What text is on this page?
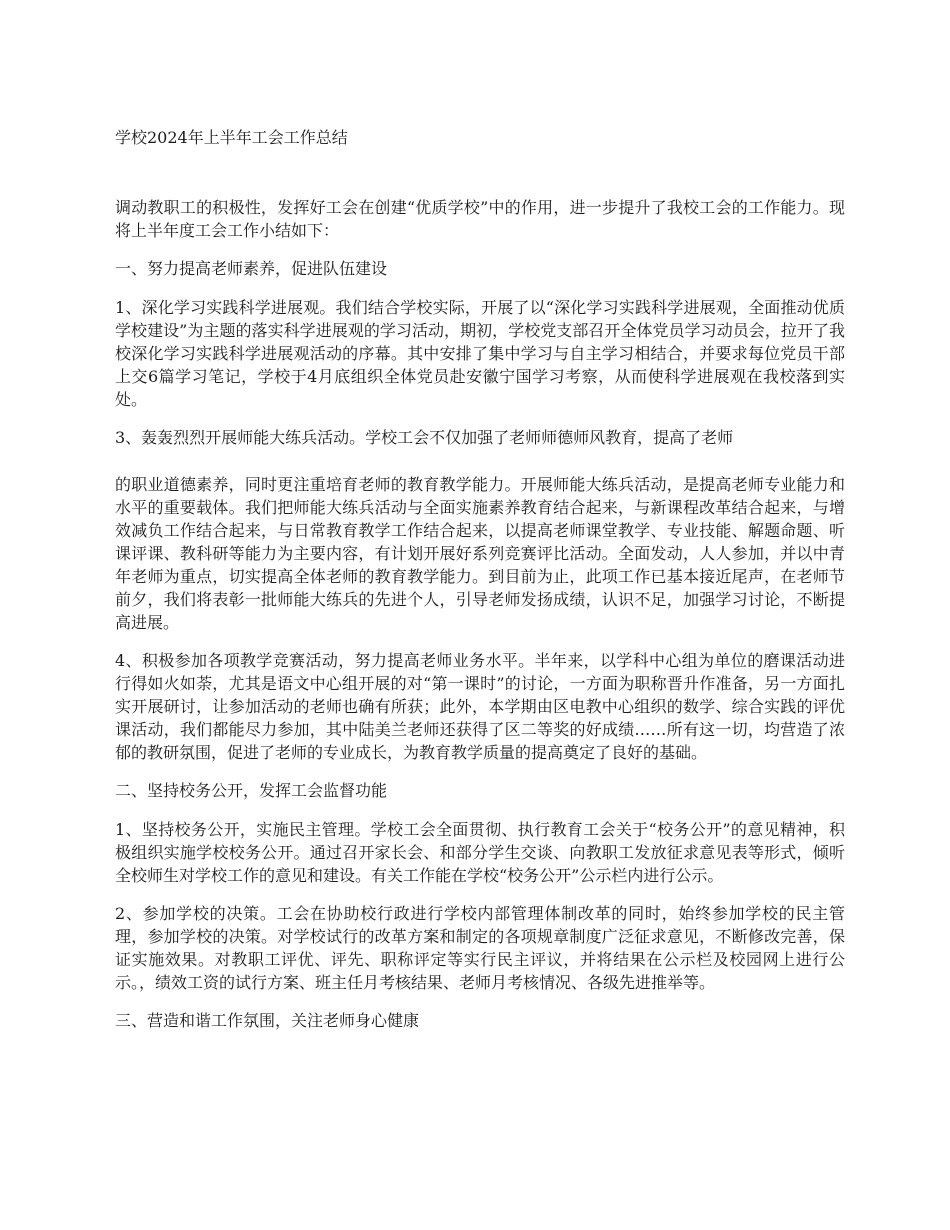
学校2024年上半年工会工作总结

调动教职工的积极性，发挥好工会在创建“优质学校”中的作用，进一步提升了我校工会的工作能力。现将上半年度工会工作小结如下：

一、努力提高老师素养，促进队伍建设

1、深化学习实践科学进展观。我们结合学校实际，开展了以“深化学习实践科学进展观，全面推动优质学校建设”为主题的落实科学进展观的学习活动，期初，学校党支部召开全体党员学习动员会，拉开了我校深化学习实践科学进展观活动的序幕。其中安排了集中学习与自主学习相结合，并要求每位党员干部上交6篇学习笔记，学校于4月底组织全体党员赴安徽宁国学习考察，从而使科学进展观在我校落到实处。

3、轰轰烈烈开展师能大练兵活动。学校工会不仅加强了老师师德师风教育，提高了老师

的职业道德素养，同时更注重培育老师的教育教学能力。开展师能大练兵活动，是提高老师专业能力和水平的重要载体。我们把师能大练兵活动与全面实施素养教育结合起来，与新课程改革结合起来，与增效减负工作结合起来，与日常教育教学工作结合起来，以提高老师课堂教学、专业技能、解题命题、听课评课、教科研等能力为主要内容，有计划开展好系列竞赛评比活动。全面发动，人人参加，并以中青年老师为重点，切实提高全体老师的教育教学能力。到目前为止，此项工作已基本接近尾声，在老师节前夕，我们将表彰一批师能大练兵的先进个人，引导老师发扬成绩，认识不足，加强学习讨论，不断提高进展。

4、积极参加各项教学竞赛活动，努力提高老师业务水平。半年来，以学科中心组为单位的磨课活动进行得如火如荼，尤其是语文中心组开展的对“第一课时”的讨论，一方面为职称晋升作准备，另一方面扎实开展研讨，让参加活动的老师也确有所获；此外，本学期由区电教中心组织的数学、综合实践的评优课活动，我们都能尽力参加，其中陆美兰老师还获得了区二等奖的好成绩……所有这一切，均营造了浓郁的教研氛围，促进了老师的专业成长，为教育教学质量的提高奠定了良好的基础。

二、坚持校务公开，发挥工会监督功能

1、坚持校务公开，实施民主管理。学校工会全面贯彻、执行教育工会关于“校务公开”的意见精神，积极组织实施学校校务公开。通过召开家长会、和部分学生交谈、向教职工发放征求意见表等形式，倾听全校师生对学校工作的意见和建设。有关工作能在学校“校务公开”公示栏内进行公示。

2、参加学校的决策。工会在协助校行政进行学校内部管理体制改革的同时，始终参加学校的民主管理，参加学校的决策。对学校试行的改革方案和制定的各项规章制度广泛征求意见，不断修改完善，保证实施效果。对教职工评优、评先、职称评定等实行民主评议，并将结果在公示栏及校园网上进行公示。，绩效工资的试行方案、班主任月考核结果、老师月考核情况、各级先进推举等。

三、营造和谐工作氛围，关注老师身心健康
